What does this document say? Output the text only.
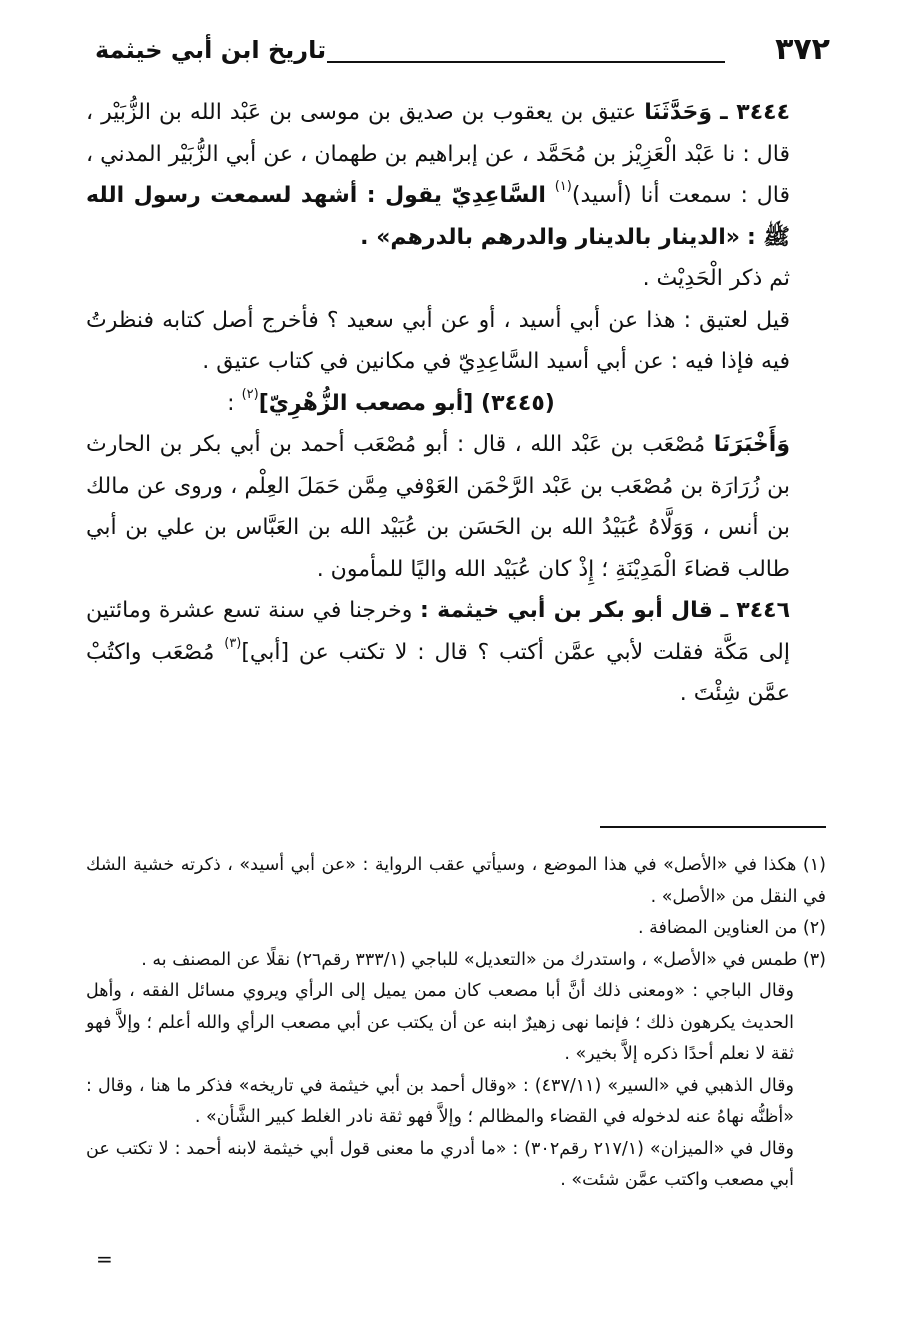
٣٧٢
تاريخ ابن أبي خيثمة

٣٤٤٤ ـ وَحَدَّثَنَا عتيق بن يعقوب بن صديق بن موسى بن عَبْد الله بن الزُّبَيْر ، قال : نا عَبْد الْعَزِيْز بن مُحَمَّد ، عن إبراهيم بن طهمان ، عن أبي الزُّبَيْر المدني ، قال : سمعت أنا (أسيد)$^{(١)}$ السَّاعِدِيّ يقول : أشهد لسمعت رسول الله ﷺ : «الدينار بالدينار والدرهم بالدرهم» .

ثم ذكر الْحَدِيْث .

قيل لعتيق : هذا عن أبي أسيد ، أو عن أبي سعيد ؟ فأخرج أصل كتابه فنظرتُ فيه فإذا فيه : عن أبي أسيد السَّاعِدِيّ في مكانين في كتاب عتيق .

(٣٤٤٥) [أبو مصعب الزُّهْرِيّ]$^{(٢)}$ :

وَأَخْبَرَنَا مُصْعَب بن عَبْد الله ، قال : أبو مُصْعَب أحمد بن أبي بكر بن الحارث بن زُرَارَة بن مُصْعَب بن عَبْد الرَّحْمَن العَوْفي مِمَّن حَمَلَ العِلْم ، وروى عن مالك بن أنس ، وَوَلَّاهُ عُبَيْدُ الله بن الحَسَن بن عُبَيْد الله بن العَبَّاس بن علي بن أبي طالب قضاءَ الْمَدِيْنَةِ ؛ إِذْ كان عُبَيْد الله واليًا للمأمون .

٣٤٤٦ ـ قال أبو بكر بن أبي خيثمة : وخرجنا في سنة تسع عشرة ومائتين إلى مَكَّة فقلت لأبي عمَّن أكتب ؟ قال : لا تكتب عن [أبي]$^{(٣)}$ مُصْعَب واكتُبْ عمَّن شِئْتَ .

(١) هكذا في «الأصل» في هذا الموضع ، وسيأتي عقب الرواية : «عن أبي أسيد» ، ذكرته خشية الشك في النقل من «الأصل» .

(٢) من العناوين المضافة .

(٣) طمس في «الأصل» ، واستدرك من «التعديل» للباجي (٣٣٣/١ رقم٢٦) نقلًا عن المصنف به .

وقال الباجي : «ومعنى ذلك أنَّ أبا مصعب كان ممن يميل إلى الرأي ويروي مسائل الفقه ، وأهل الحديث يكرهون ذلك ؛ فإنما نهى زهيرٌ ابنه عن أن يكتب عن أبي مصعب الرأي والله أعلم ؛ وإلاَّ فهو ثقة لا نعلم أحدًا ذكره إلاَّ بخير» .

وقال الذهبي في «السير» (٤٣٧/١١) : «وقال أحمد بن أبي خيثمة في تاريخه» فذكر ما هنا ، وقال : «أظنُّه نهاهُ عنه لدخوله في القضاء والمظالم ؛ وإلاَّ فهو ثقة نادر الغلط كبير الشَّأن» .

وقال في «الميزان» (٢١٧/١ رقم٣٠٢) : «ما أدري ما معنى قول أبي خيثمة لابنه أحمد : لا تكتب عن أبي مصعب واكتب عمَّن شئت» .

=
